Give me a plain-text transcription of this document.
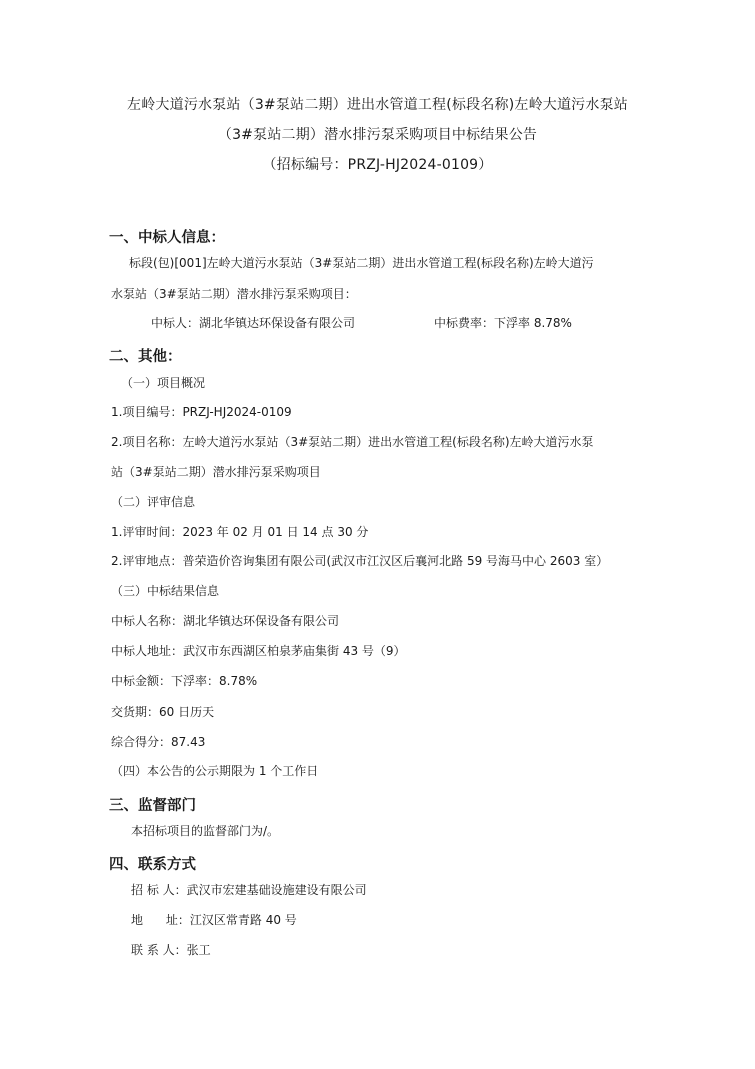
左岭大道污水泵站（3#泵站二期）进出水管道工程(标段名称)左岭大道污水泵站
（3#泵站二期）潜水排污泵采购项目中标结果公告
（招标编号：PRZJ-HJ2024-0109）
一、中标人信息：
标段(包)[001]左岭大道污水泵站（3#泵站二期）进出水管道工程(标段名称)左岭大道污
水泵站（3#泵站二期）潜水排污泵采购项目：
中标人：湖北华镇达环保设备有限公司	中标费率：下浮率 8.78%
二、其他：
（一）项目概况
1.项目编号：PRZJ-HJ2024-0109
2.项目名称：左岭大道污水泵站（3#泵站二期）进出水管道工程(标段名称)左岭大道污水泵
站（3#泵站二期）潜水排污泵采购项目
（二）评审信息
1.评审时间：2023 年 02 月 01 日 14 点 30 分
2.评审地点：普荣造价咨询集团有限公司(武汉市江汉区后襄河北路 59 号海马中心 2603 室）
（三）中标结果信息
中标人名称：湖北华镇达环保设备有限公司
中标人地址：武汉市东西湖区柏泉茅庙集街 43 号（9）
中标金额：下浮率：8.78%
交货期：60 日历天
综合得分：87.43
（四）本公告的公示期限为 1 个工作日
三、监督部门
本招标项目的监督部门为/。
四、联系方式
招 标 人：武汉市宏建基础设施建设有限公司
地      址：江汉区常青路 40 号
联 系 人：张工
